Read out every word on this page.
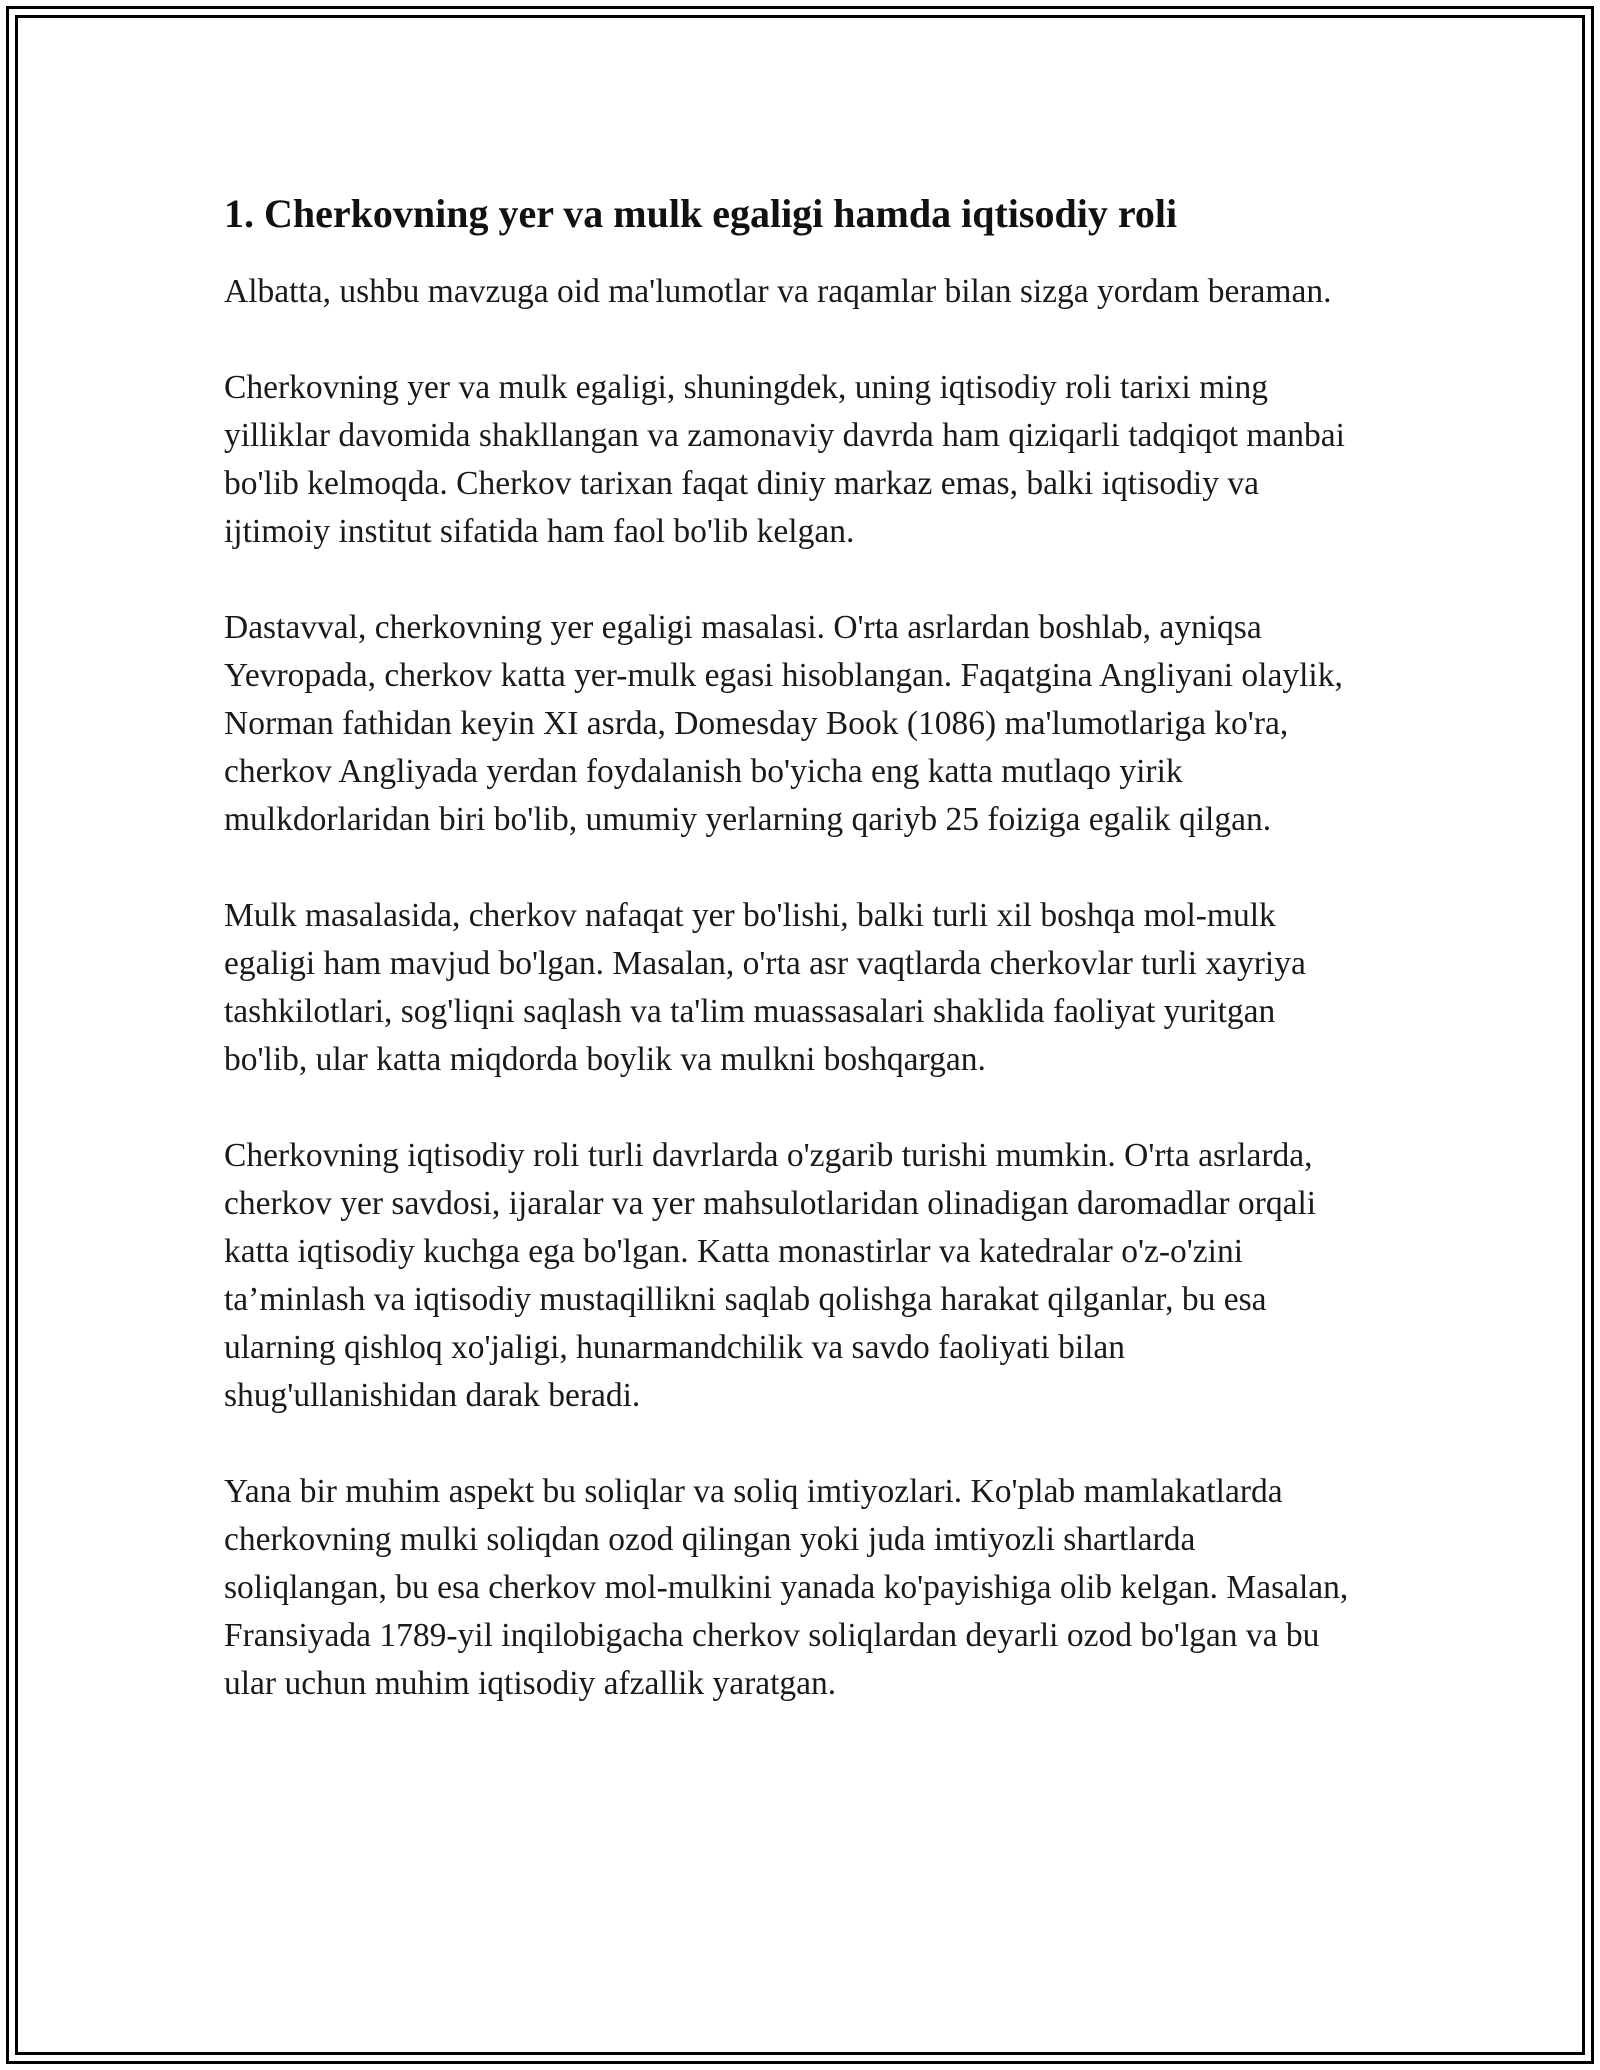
1. Cherkovning yer va mulk egaligi hamda iqtisodiy roli

Albatta, ushbu mavzuga oid ma'lumotlar va raqamlar bilan sizga yordam beraman.

Cherkovning yer va mulk egaligi, shuningdek, uning iqtisodiy roli tarixi ming yilliklar davomida shakllangan va zamonaviy davrda ham qiziqarli tadqiqot manbai bo'lib kelmoqda. Cherkov tarixan faqat diniy markaz emas, balki iqtisodiy va ijtimoiy institut sifatida ham faol bo'lib kelgan.

Dastavval, cherkovning yer egaligi masalasi. O'rta asrlardan boshlab, ayniqsa Yevropada, cherkov katta yer-mulk egasi hisoblangan. Faqatgina Angliyani olaylik, Norman fathidan keyin XI asrda, Domesday Book (1086) ma'lumotlariga ko'ra, cherkov Angliyada yerdan foydalanish bo'yicha eng katta mutlaqo yirik mulkdorlaridan biri bo'lib, umumiy yerlarning qariyb 25 foiziga egalik qilgan.

Mulk masalasida, cherkov nafaqat yer bo'lishi, balki turli xil boshqa mol-mulk egaligi ham mavjud bo'lgan. Masalan, o'rta asr vaqtlarda cherkovlar turli xayriya tashkilotlari, sog'liqni saqlash va ta'lim muassasalari shaklida faoliyat yuritgan bo'lib, ular katta miqdorda boylik va mulkni boshqargan.

Cherkovning iqtisodiy roli turli davrlarda o'zgarib turishi mumkin. O'rta asrlarda, cherkov yer savdosi, ijaralar va yer mahsulotlaridan olinadigan daromadlar orqali katta iqtisodiy kuchga ega bo'lgan. Katta monastirlar va katedralar o'z-o'zini ta’minlash va iqtisodiy mustaqillikni saqlab qolishga harakat qilganlar, bu esa ularning qishloq xo'jaligi, hunarmandchilik va savdo faoliyati bilan shug'ullanishidan darak beradi.

Yana bir muhim aspekt bu soliqlar va soliq imtiyozlari. Ko'plab mamlakatlarda cherkovning mulki soliqdan ozod qilingan yoki juda imtiyozli shartlarda soliqlangan, bu esa cherkov mol-mulkini yanada ko'payishiga olib kelgan. Masalan, Fransiyada 1789-yil inqilobigacha cherkov soliqlardan deyarli ozod bo'lgan va bu ular uchun muhim iqtisodiy afzallik yaratgan.
